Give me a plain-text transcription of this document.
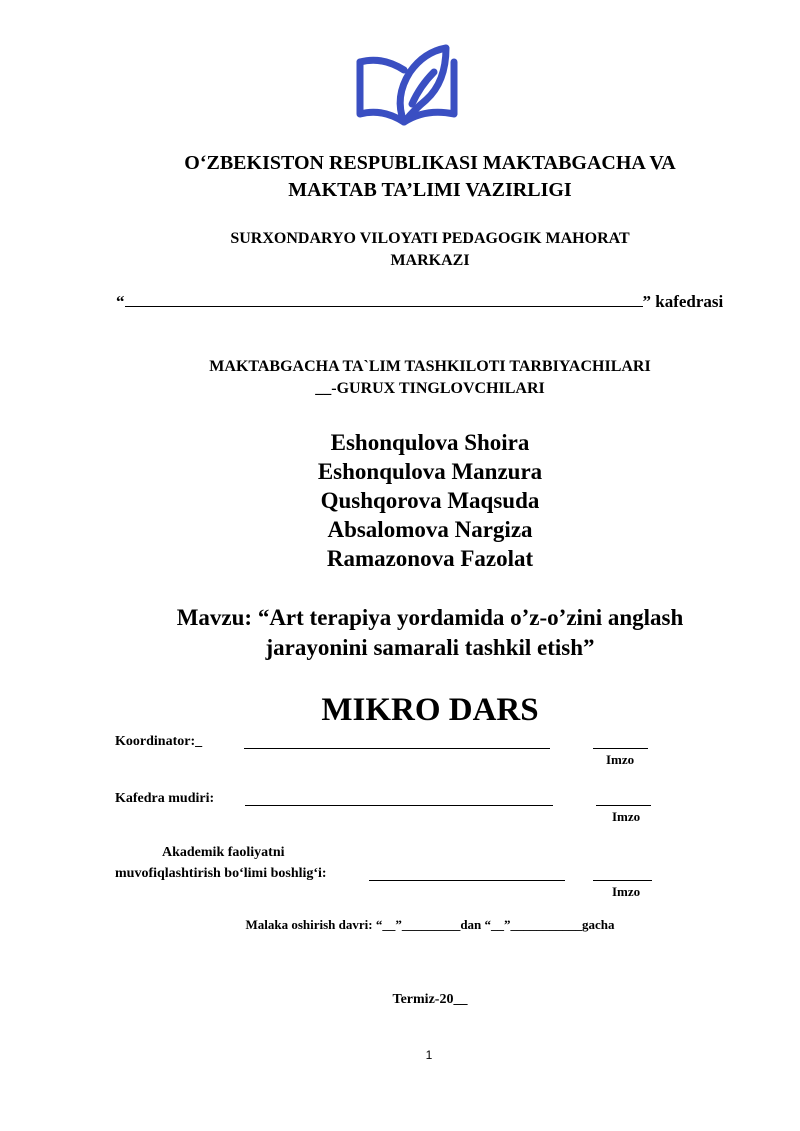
O‘ZBEKISTON RESPUBLIKASI MAKTABGACHA VA
MAKTAB TA’LIMI VAZIRLIGI
SURXONDARYO VILOYATI PEDAGOGIK MAHORAT
MARKAZI
“	” kafedrasi
MAKTABGACHA TA`LIM TASHKILOTI TARBIYACHILARI
__-GURUX TINGLOVCHILARI
Eshonqulova Shoira
Eshonqulova Manzura
Qushqorova Maqsuda
Absalomova Nargiza
Ramazonova Fazolat
Mavzu: “Art terapiya yordamida o’z-o’zini anglash
jarayonini samarali tashkil etish”
MIKRO DARS
Koordinator:_
Imzo
Kafedra mudiri:
Imzo
Akademik faoliyatni
muvofiqlashtirish bo‘limi boshlig‘i:
Imzo
Malaka oshirish davri: “__”_________dan “__”___________gacha
Termiz-20__
1
